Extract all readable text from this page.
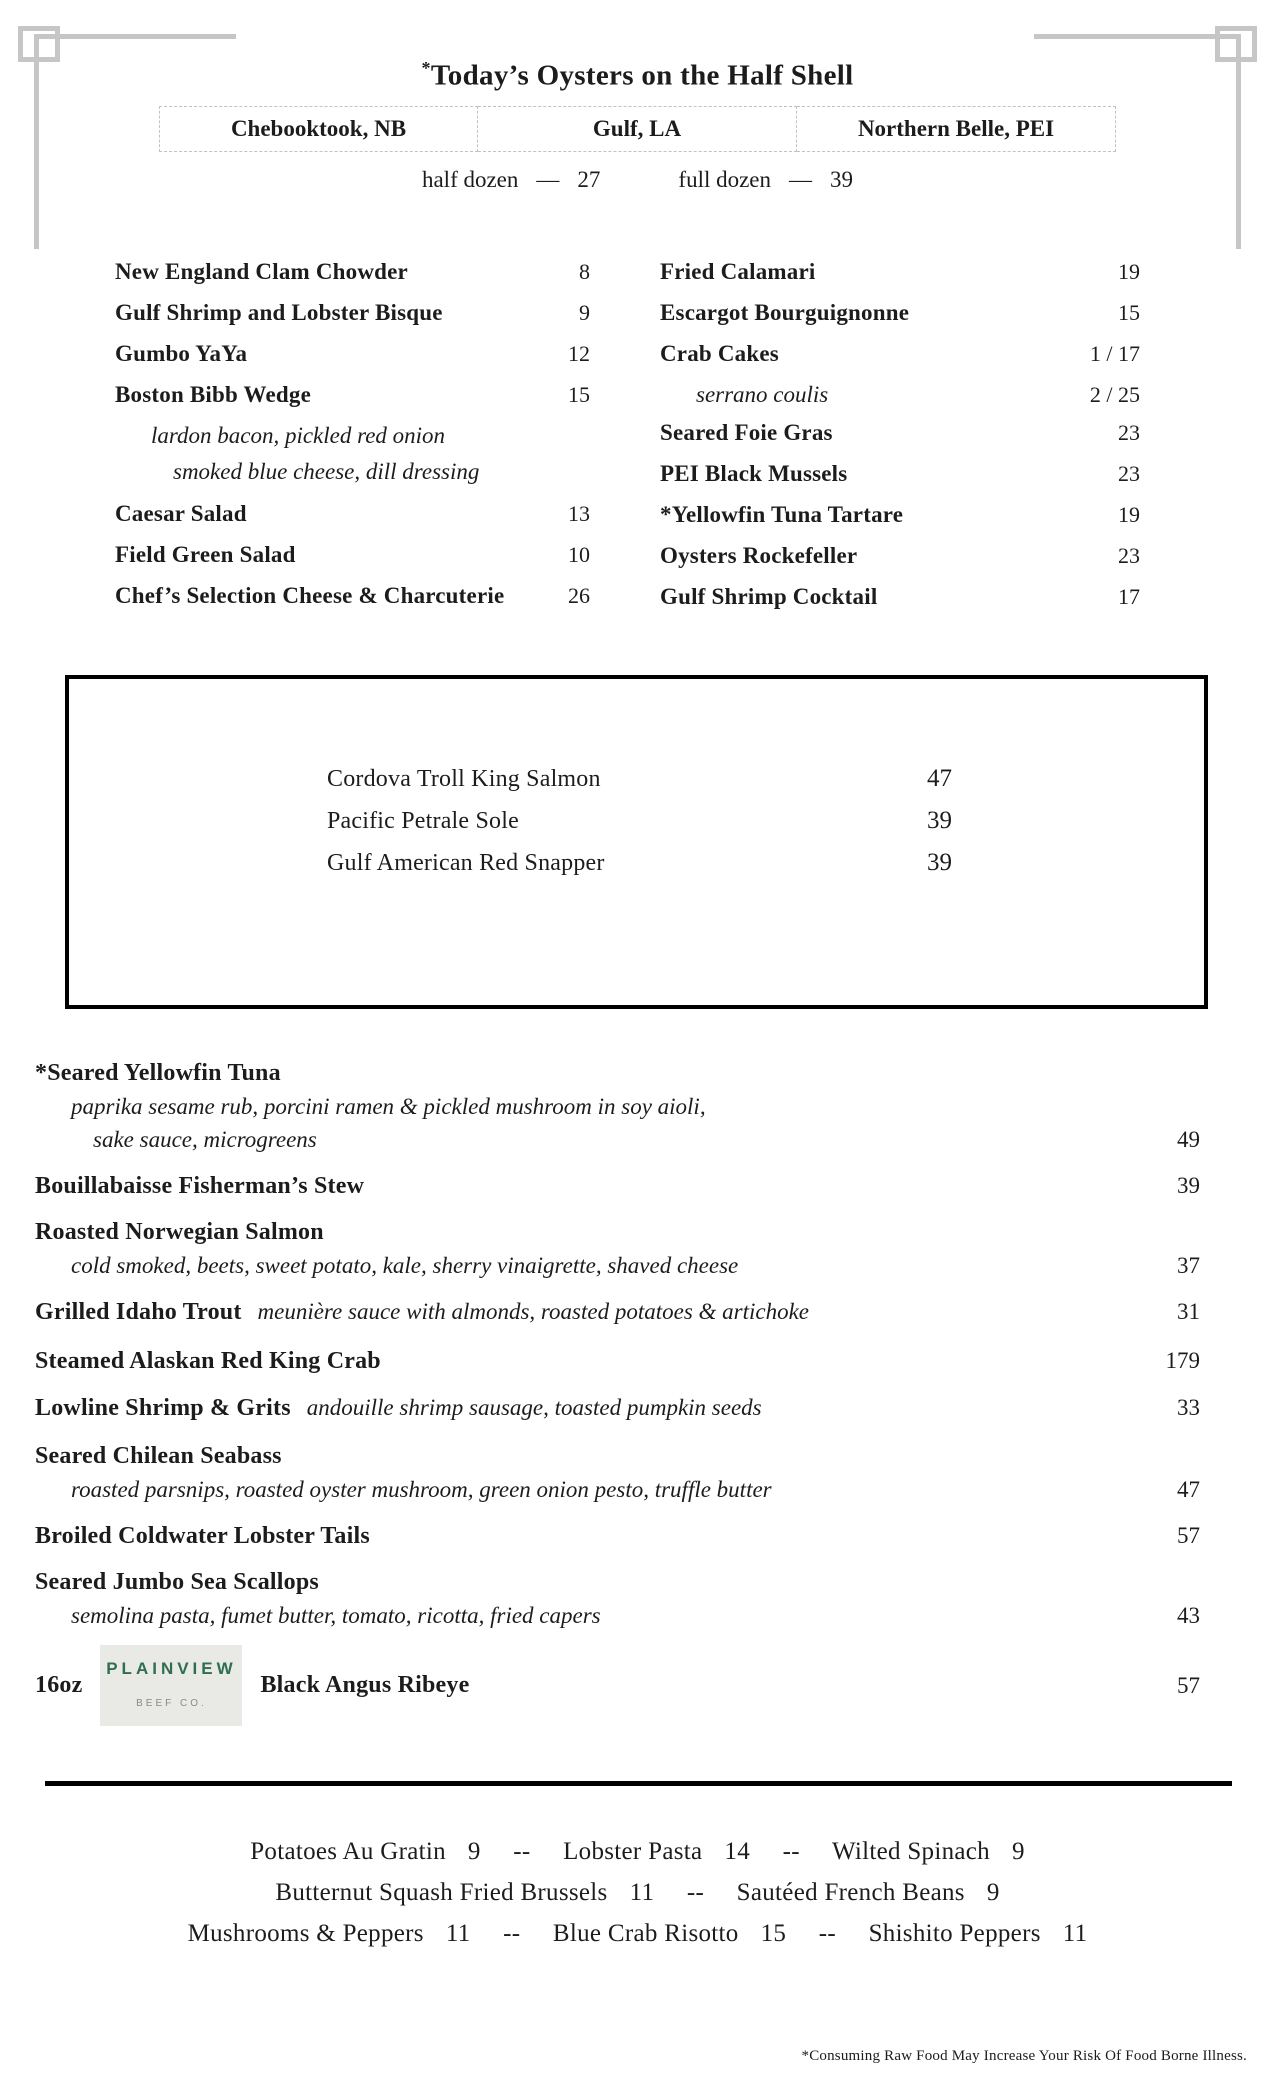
*Today’s Oysters on the Half Shell
Chebooktook, NB	Gulf, LA	Northern Belle, PEI
half dozen — 27	full dozen — 39
New England Clam Chowder	8
Gulf Shrimp and Lobster Bisque	9
Gumbo YaYa	12
Boston Bibb Wedge	15
lardon bacon, pickled red onion
smoked blue cheese, dill dressing
Caesar Salad	13
Field Green Salad	10
Chef’s Selection Cheese & Charcuterie	26
Fried Calamari	19
Escargot Bourguignonne	15
Crab Cakes	1 / 17
serrano coulis	2 / 25
Seared Foie Gras	23
PEI Black Mussels	23
*Yellowfin Tuna Tartare	19
Oysters Rockefeller	23
Gulf Shrimp Cocktail	17
Cordova Troll King Salmon	47
Pacific Petrale Sole	39
Gulf American Red Snapper	39
*Seared Yellowfin Tuna
paprika sesame rub, porcini ramen & pickled mushroom in soy aioli,
sake sauce, microgreens	49
Bouillabaisse Fisherman’s Stew	39
Roasted Norwegian Salmon
cold smoked, beets, sweet potato, kale, sherry vinaigrette, shaved cheese	37
Grilled Idaho Trout meunière sauce with almonds, roasted potatoes & artichoke	31
Steamed Alaskan Red King Crab	179
Lowline Shrimp & Grits andouille shrimp sausage, toasted pumpkin seeds	33
Seared Chilean Seabass
roasted parsnips, roasted oyster mushroom, green onion pesto, truffle butter	47
Broiled Coldwater Lobster Tails	57
Seared Jumbo Sea Scallops
semolina pasta, fumet butter, tomato, ricotta, fried capers	43
16oz
PLAINVIEW
BEEF CO.
Black Angus Ribeye	57
Potatoes Au Gratin 9 -- Lobster Pasta 14 -- Wilted Spinach 9
Butternut Squash Fried Brussels 11 -- Sautéed French Beans 9
Mushrooms & Peppers 11 -- Blue Crab Risotto 15 -- Shishito Peppers 11
*Consuming Raw Food May Increase Your Risk Of Food Borne Illness.
